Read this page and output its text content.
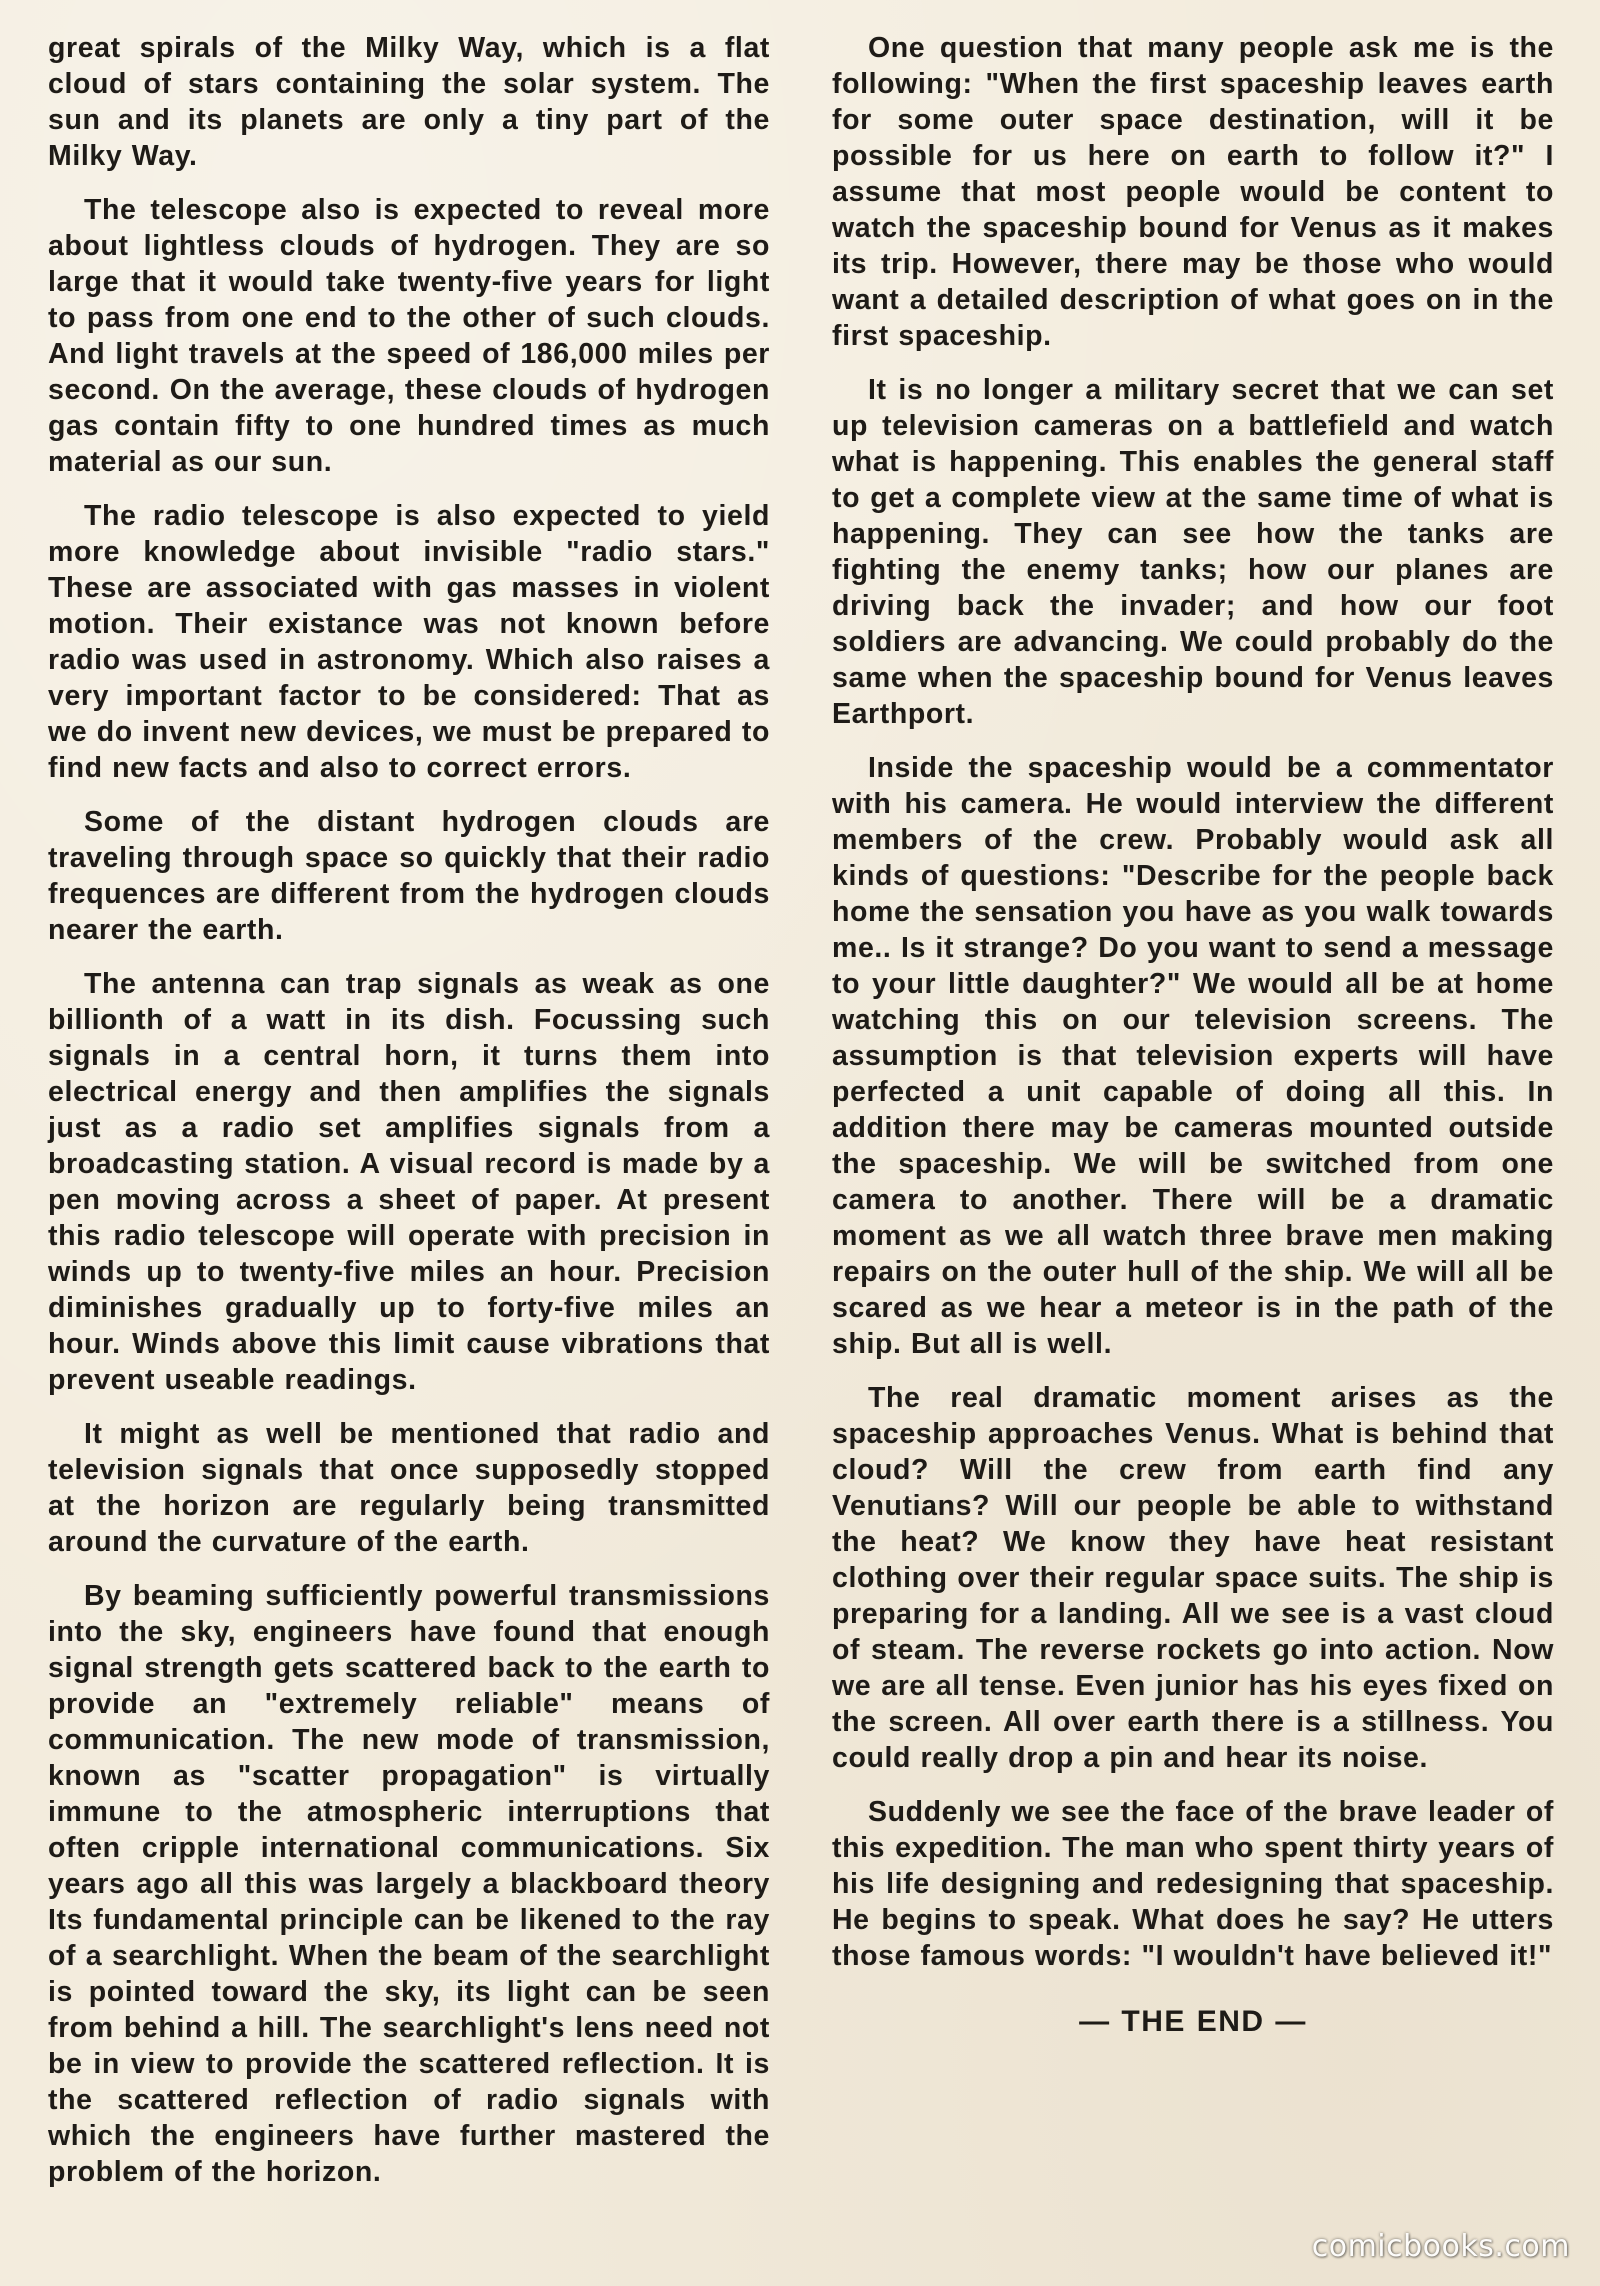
great spirals of the Milky Way, which is a flat cloud of stars containing the solar system. The sun and its planets are only a tiny part of the Milky Way.

The telescope also is expected to reveal more about lightless clouds of hydrogen. They are so large that it would take twenty-five years for light to pass from one end to the other of such clouds. And light travels at the speed of 186,000 miles per second. On the average, these clouds of hydrogen gas contain fifty to one hundred times as much material as our sun.

The radio telescope is also expected to yield more knowledge about invisible "radio stars." These are associated with gas masses in violent motion. Their existance was not known before radio was used in astronomy. Which also raises a very important factor to be considered: That as we do invent new devices, we must be prepared to find new facts and also to correct errors.

Some of the distant hydrogen clouds are traveling through space so quickly that their radio frequences are different from the hydrogen clouds nearer the earth.

The antenna can trap signals as weak as one billionth of a watt in its dish. Focussing such signals in a central horn, it turns them into electrical energy and then amplifies the signals just as a radio set amplifies signals from a broadcasting station. A visual record is made by a pen moving across a sheet of paper. At present this radio telescope will operate with precision in winds up to twenty-five miles an hour. Precision diminishes gradually up to forty-five miles an hour. Winds above this limit cause vibrations that prevent useable readings.

It might as well be mentioned that radio and television signals that once supposedly stopped at the horizon are regularly being transmitted around the curvature of the earth.

By beaming sufficiently powerful transmissions into the sky, engineers have found that enough signal strength gets scattered back to the earth to provide an "extremely reliable" means of communication. The new mode of transmission, known as "scatter propagation" is virtually immune to the atmospheric interruptions that often cripple international communications. Six years ago all this was largely a blackboard theory Its fundamental principle can be likened to the ray of a searchlight. When the beam of the searchlight is pointed toward the sky, its light can be seen from behind a hill. The searchlight's lens need not be in view to provide the scattered reflection. It is the scattered reflection of radio signals with which the engineers have further mastered the problem of the horizon.

One question that many people ask me is the following: "When the first spaceship leaves earth for some outer space destination, will it be possible for us here on earth to follow it?" I assume that most people would be content to watch the spaceship bound for Venus as it makes its trip. However, there may be those who would want a detailed description of what goes on in the first spaceship.

It is no longer a military secret that we can set up television cameras on a battlefield and watch what is happening. This enables the general staff to get a complete view at the same time of what is happening. They can see how the tanks are fighting the enemy tanks; how our planes are driving back the invader; and how our foot soldiers are advancing. We could probably do the same when the spaceship bound for Venus leaves Earthport.

Inside the spaceship would be a commentator with his camera. He would interview the different members of the crew. Probably would ask all kinds of questions: "Describe for the people back home the sensation you have as you walk towards me.. Is it strange? Do you want to send a message to your little daughter?" We would all be at home watching this on our television screens. The assumption is that television experts will have perfected a unit capable of doing all this. In addition there may be cameras mounted outside the spaceship. We will be switched from one camera to another. There will be a dramatic moment as we all watch three brave men making repairs on the outer hull of the ship. We will all be scared as we hear a meteor is in the path of the ship. But all is well.

The real dramatic moment arises as the spaceship approaches Venus. What is behind that cloud? Will the crew from earth find any Venutians? Will our people be able to withstand the heat? We know they have heat resistant clothing over their regular space suits. The ship is preparing for a landing. All we see is a vast cloud of steam. The reverse rockets go into action. Now we are all tense. Even junior has his eyes fixed on the screen. All over earth there is a stillness. You could really drop a pin and hear its noise.

Suddenly we see the face of the brave leader of this expedition. The man who spent thirty years of his life designing and redesigning that spaceship. He begins to speak. What does he say? He utters those famous words: "I wouldn't have believed it!"

— THE END —
comicbooks.com
